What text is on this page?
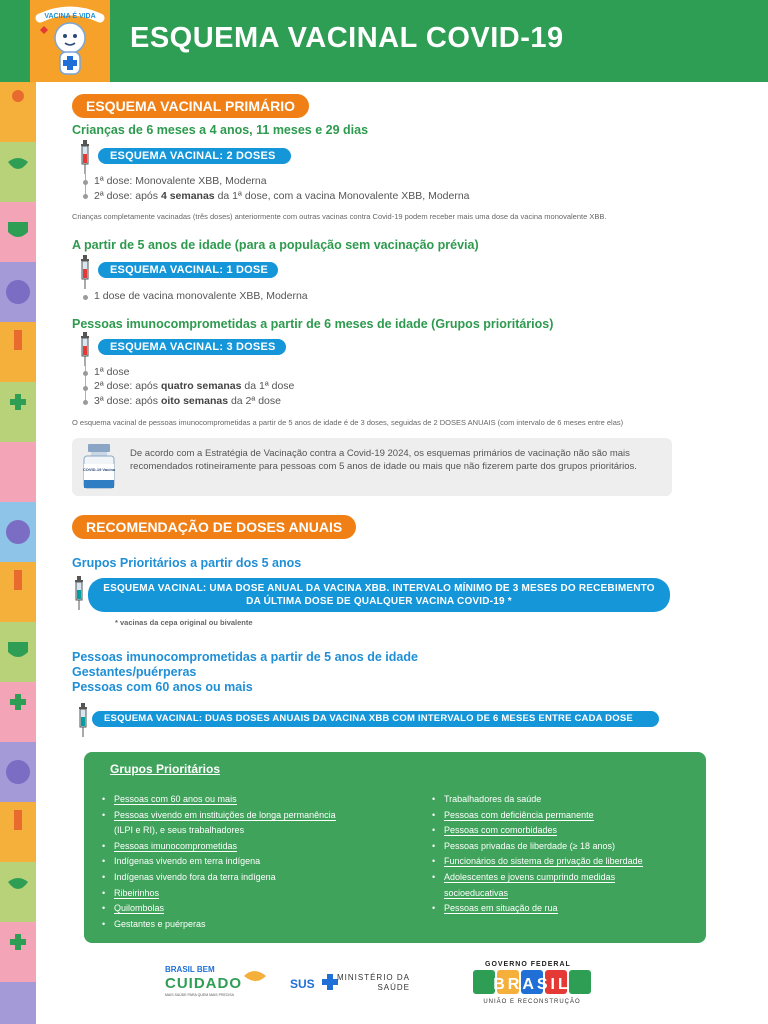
VACINA É VIDA
ESQUEMA VACINAL COVID-19
ESQUEMA VACINAL PRIMÁRIO
Crianças de 6 meses a 4 anos, 11 meses e 29 dias
ESQUEMA VACINAL: 2 DOSES
1ª dose: Monovalente XBB, Moderna
2ª dose: após 4 semanas da 1ª dose, com a vacina Monovalente XBB, Moderna
Crianças completamente vacinadas (três doses) anteriormente com outras vacinas contra Covid-19 podem receber mais uma dose da vacina monovalente XBB.
A partir de 5 anos de idade (para a população sem vacinação prévia)
ESQUEMA VACINAL: 1 DOSE
1 dose de vacina monovalente XBB, Moderna
Pessoas imunocomprometidas a partir de 6 meses de idade (Grupos prioritários)
ESQUEMA VACINAL: 3 DOSES
1ª dose
2ª dose: após quatro semanas da 1ª dose
3ª dose: após oito semanas da 2ª dose
O esquema vacinal de pessoas imunocomprometidas a partir de 5 anos de idade é de 3 doses, seguidas de 2 DOSES ANUAIS (com intervalo de 6 meses entre elas)
COVID-19 Vacina
De acordo com a Estratégia de Vacinação contra a Covid-19 2024, os esquemas primários de vacinação não são mais recomendados rotineiramente para pessoas com 5 anos de idade ou mais que não fizerem parte dos grupos prioritários.
RECOMENDAÇÃO DE DOSES ANUAIS
Grupos Prioritários a partir dos 5 anos
ESQUEMA VACINAL: UMA DOSE ANUAL DA VACINA XBB. INTERVALO MÍNIMO DE 3 MESES DO RECEBIMENTO DA ÚLTIMA DOSE DE QUALQUER VACINA COVID-19 *
* vacinas da cepa original ou bivalente
Pessoas imunocomprometidas a partir de 5 anos de idade
Gestantes/puérperas
Pessoas com 60 anos ou mais
ESQUEMA VACINAL: DUAS DOSES ANUAIS DA VACINA XBB COM INTERVALO DE 6 MESES ENTRE CADA DOSE
Grupos Prioritários
• Pessoas com 60 anos ou mais
• Pessoas vivendo em instituições de longa permanência
(ILPI e RI), e seus trabalhadores
• Pessoas imunocomprometidas
• Indígenas vivendo em terra indígena
• Indígenas vivendo fora da terra indígena
• Ribeirinhos
• Quilombolas
• Gestantes e puérperas
• Trabalhadores da saúde
• Pessoas com deficiência permanente
• Pessoas com comorbidades
• Pessoas privadas de liberdade (≥ 18 anos)
• Funcionários do sistema de privação de liberdade
• Adolescentes e jovens cumprindo medidas
socioeducativas
• Pessoas em situação de rua
BRASIL BEM
CUIDADO
MAIS SAÚDE PARA QUEM MAIS PRECISA
SUS	MINISTÉRIO DA
SAÚDE
GOVERNO FEDERAL
BRASIL
UNIÃO E RECONSTRUÇÃO
